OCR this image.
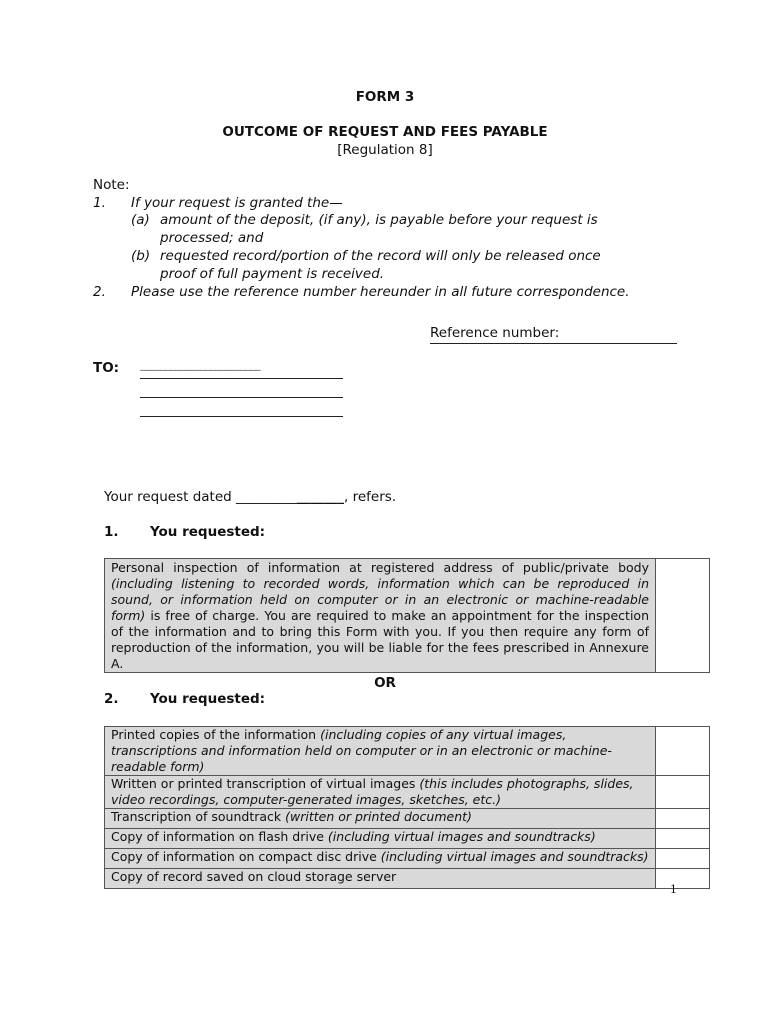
FORM 3
OUTCOME OF REQUEST AND FEES PAYABLE
[Regulation 8]
Note:
1. If your request is granted the—
(a) amount of the deposit, (if any), is payable before your request is
processed; and
(b) requested record/portion of the record will only be released once
proof of full payment is received.
2. Please use the reference number hereunder in all future correspondence.
Reference number:
TO: ________________________
Your request dated ________________, refers.
1. You requested:
Personal inspection of information at registered address of public/private body (including listening to recorded words, information which can be reproduced in sound, or information held on computer or in an electronic or machine-readable form) is free of charge. You are required to make an appointment for the inspection of the information and to bring this Form with you. If you then require any form of reproduction of the information, you will be liable for the fees prescribed in Annexure A.	
OR
2. You requested:
Printed copies of the information (including copies of any virtual images, transcriptions and information held on computer or in an electronic or machine-readable form)	
Written or printed transcription of virtual images (this includes photographs, slides, video recordings, computer-generated images, sketches, etc.)	
Transcription of soundtrack (written or printed document)	
Copy of information on flash drive (including virtual images and soundtracks)	
Copy of information on compact disc drive (including virtual images and soundtracks)	
Copy of record saved on cloud storage server	
1
